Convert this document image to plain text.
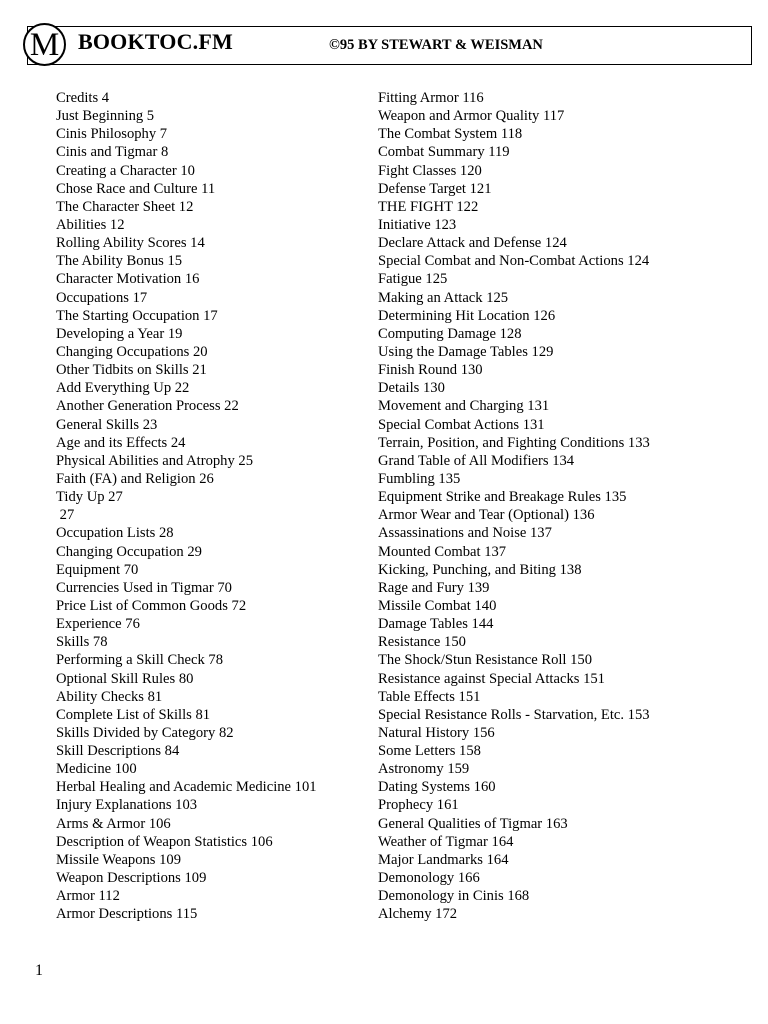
M BOOKTOC.FM	©95 BY STEWART & WEISMAN
Credits 4
Just Beginning 5
Cinis Philosophy 7
Cinis and Tigmar 8
Creating a Character 10
Chose Race and Culture 11
The Character Sheet 12
Abilities 12
Rolling Ability Scores 14
The Ability Bonus 15
Character Motivation 16
Occupations 17
The Starting Occupation 17
Developing a Year 19
Changing Occupations 20
Other Tidbits on Skills 21
Add Everything Up 22
Another Generation Process 22
General Skills 23
Age and its Effects 24
Physical Abilities and Atrophy 25
Faith (FA) and Religion 26
Tidy Up 27
27
Occupation Lists 28
Changing Occupation 29
Equipment 70
Currencies Used in Tigmar 70
Price List of Common Goods 72
Experience 76
Skills 78
Performing a Skill Check 78
Optional Skill Rules 80
Ability Checks 81
Complete List of Skills 81
Skills Divided by Category 82
Skill Descriptions 84
Medicine 100
Herbal Healing and Academic Medicine 101
Injury Explanations 103
Arms & Armor 106
Description of Weapon Statistics 106
Missile Weapons 109
Weapon Descriptions 109
Armor 112
Armor Descriptions 115
Fitting Armor 116
Weapon and Armor Quality 117
The Combat System 118
Combat Summary 119
Fight Classes 120
Defense Target 121
THE FIGHT 122
Initiative 123
Declare Attack and Defense 124
Special Combat and Non-Combat Actions 124
Fatigue 125
Making an Attack 125
Determining Hit Location 126
Computing Damage 128
Using the Damage Tables 129
Finish Round 130
Details 130
Movement and Charging 131
Special Combat Actions 131
Terrain, Position, and Fighting Conditions 133
Grand Table of All Modifiers 134
Fumbling 135
Equipment Strike and Breakage Rules 135
Armor Wear and Tear (Optional) 136
Assassinations and Noise 137
Mounted Combat 137
Kicking, Punching, and Biting 138
Rage and Fury 139
Missile Combat 140
Damage Tables 144
Resistance 150
The Shock/Stun Resistance Roll 150
Resistance against Special Attacks 151
Table Effects 151
Special Resistance Rolls - Starvation, Etc. 153
Natural History 156
Some Letters 158
Astronomy 159
Dating Systems 160
Prophecy 161
General Qualities of Tigmar 163
Weather of Tigmar 164
Major Landmarks 164
Demonology 166
Demonology in Cinis 168
Alchemy 172
1
